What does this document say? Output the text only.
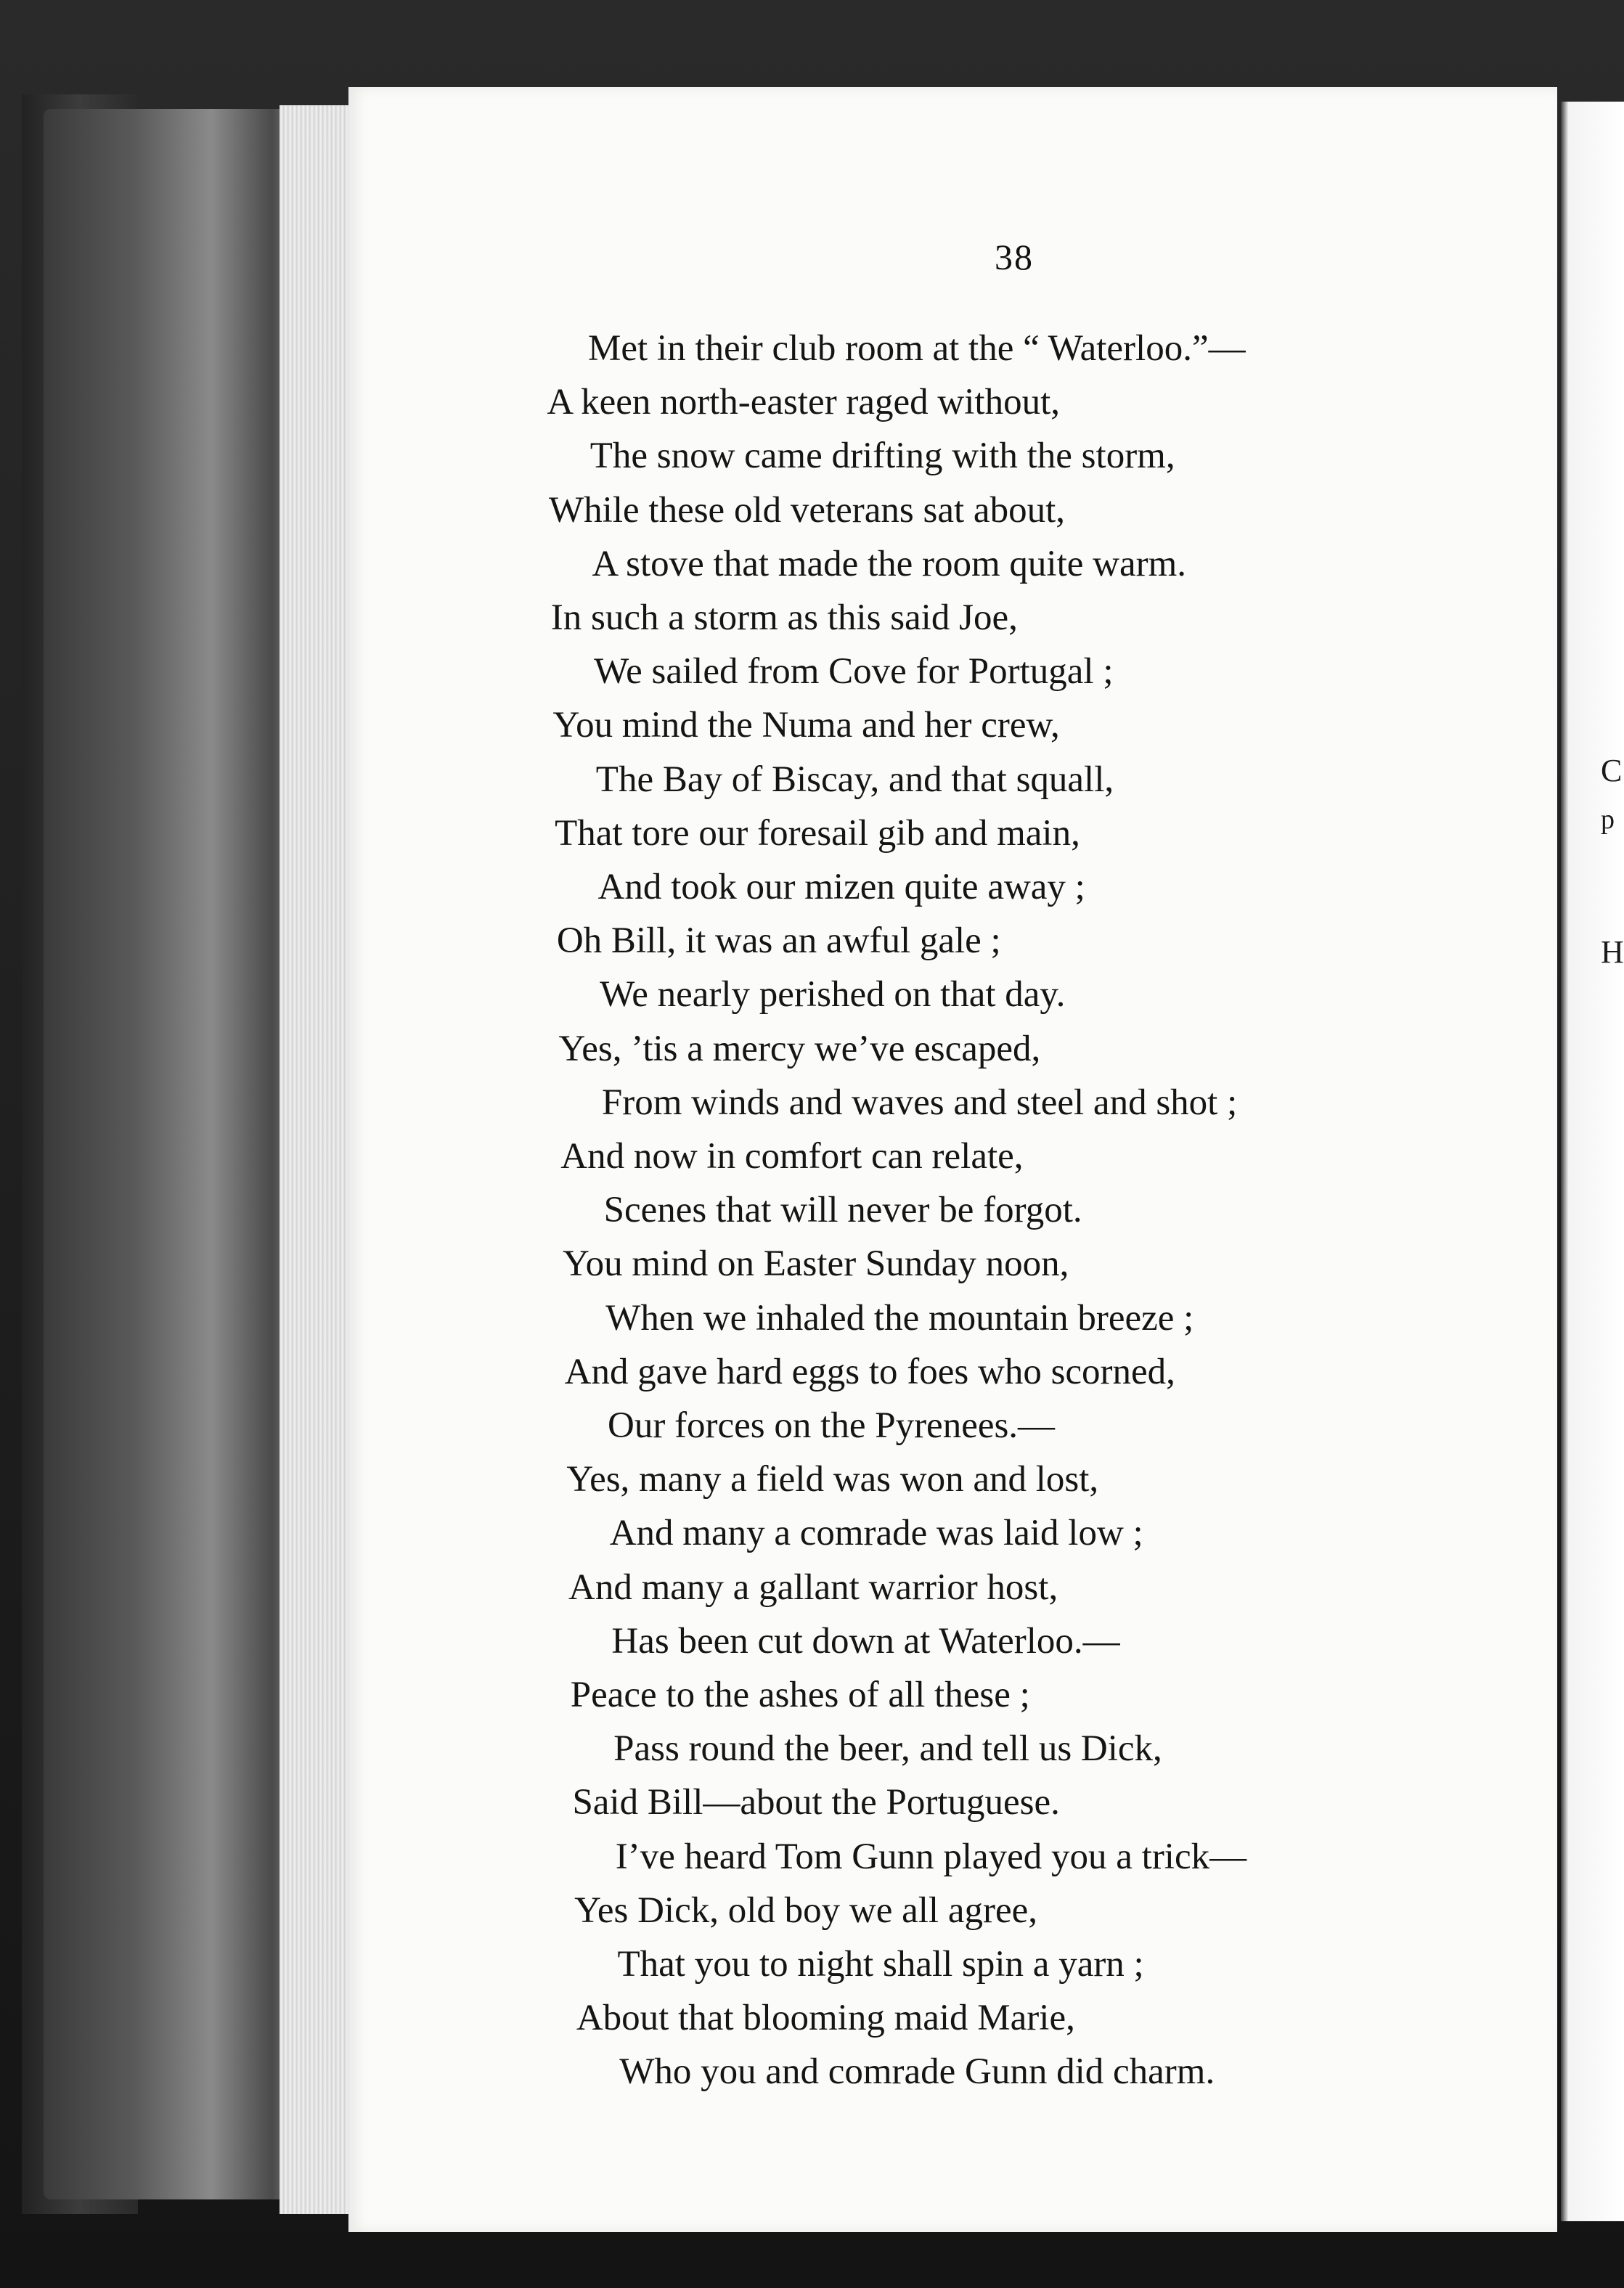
38
Met in their club room at the “ Waterloo.”—
A keen north-easter raged without,
The snow came drifting with the storm,
While these old veterans sat about,
A stove that made the room quite warm.
In such a storm as this said Joe,
We sailed from Cove for Portugal ;
You mind the Numa and her crew,
The Bay of Biscay, and that squall,
That tore our foresail gib and main,
And took our mizen quite away ;
Oh Bill, it was an awful gale ;
We nearly perished on that day.
Yes, ’tis a mercy we’ve escaped,
From winds and waves and steel and shot ;
And now in comfort can relate,
Scenes that will never be forgot.
You mind on Easter Sunday noon,
When we inhaled the mountain breeze ;
And gave hard eggs to foes who scorned,
Our forces on the Pyrenees.—
Yes, many a field was won and lost,
And many a comrade was laid low ;
And many a gallant warrior host,
Has been cut down at Waterloo.—
Peace to the ashes of all these ;
Pass round the beer, and tell us Dick,
Said Bill—about the Portuguese.
I’ve heard Tom Gunn played you a trick—
Yes Dick, old boy we all agree,
That you to night shall spin a yarn ;
About that blooming maid Marie,
Who you and comrade Gunn did charm.
C
p
H
